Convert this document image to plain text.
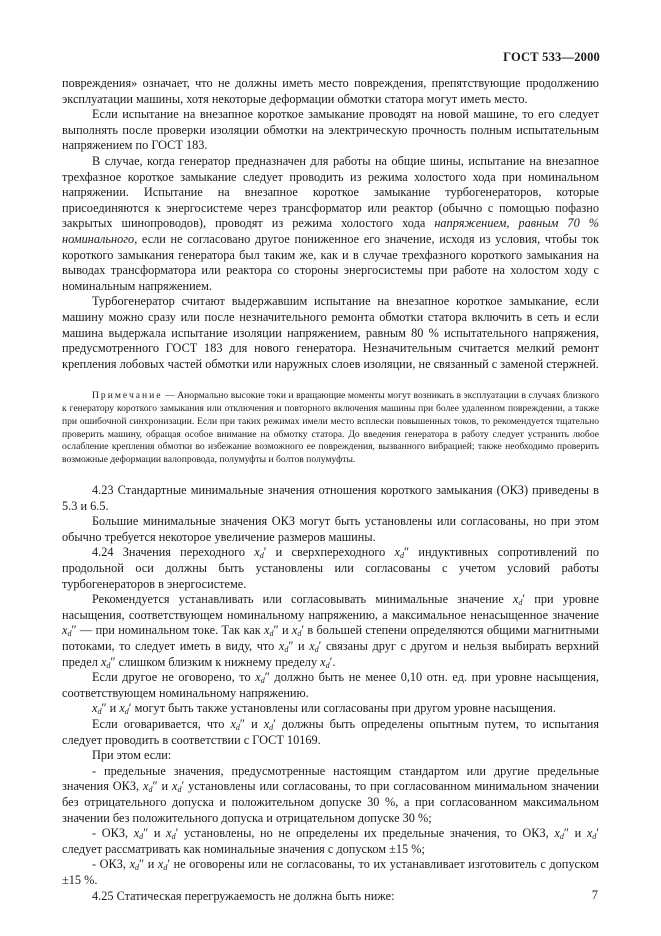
ГОСТ 533—2000

повреждения» означает, что не должны иметь место повреждения, препятствующие продолжению эксплуатации машины, хотя некоторые деформации обмотки статора могут иметь место.

Если испытание на внезапное короткое замыкание проводят на новой машине, то его следует выполнять после проверки изоляции обмотки на электрическую прочность полным испытательным напряжением по ГОСТ 183.

В случае, когда генератор предназначен для работы на общие шины, испытание на внезапное трехфазное короткое замыкание следует проводить из режима холостого хода при номинальном напряжении. Испытание на внезапное короткое замыкание турбогенераторов, которые присоединяются к энергосистеме через трансформатор или реактор (обычно с помощью пофазно закрытых шинопроводов), проводят из режима холостого хода напряжением, равным 70 % номинального, если не согласовано другое пониженное его значение, исходя из условия, чтобы ток короткого замыкания генератора был таким же, как и в случае трехфазного короткого замыкания на выводах трансформатора или реактора со стороны энергосистемы при работе на холостом ходу с номинальным напряжением.

Турбогенератор считают выдержавшим испытание на внезапное короткое замыкание, если машину можно сразу или после незначительного ремонта обмотки статора включить в сеть и если машина выдержала испытание изоляции напряжением, равным 80 % испытательного напряжения, предусмотренного ГОСТ 183 для нового генератора. Незначительным считается мелкий ремонт крепления лобовых частей обмотки или наружных слоев изоляции, не связанный с заменой стержней.

Примечание — Анормально высокие токи и вращающие моменты могут возникать в эксплуатации в случаях близкого к генератору короткого замыкания или отключения и повторного включения машины при более удаленном повреждении, а также при ошибочной синхронизации. Если при таких режимах имели место всплески повышенных токов, то рекомендуется тщательно проверить машину, обращая особое внимание на обмотку статора. До введения генератора в работу следует устранить любое ослабление крепления обмотки во избежание возможного ее повреждения, вызванного вибрацией; также необходимо проверить возможные деформации валопровода, полумуфты и болтов полумуфты.

4.23 Стандартные минимальные значения отношения короткого замыкания (ОКЗ) приведены в 5.3 и 6.5.

Большие минимальные значения ОКЗ могут быть установлены или согласованы, но при этом обычно требуется некоторое увеличение размеров машины.

4.24 Значения переходного $x_d'$ и сверхпереходного $x_d''$ индуктивных сопротивлений по продольной оси должны быть установлены или согласованы с учетом условий работы турбогенераторов в энергосистеме.

Рекомендуется устанавливать или согласовывать минимальные значение $x_d'$ при уровне насыщения, соответствующем номинальному напряжению, а максимальное ненасыщенное значение $x_d''$ — при номинальном токе. Так как $x_d''$ и $x_d'$ в большей степени определяются общими магнитными потоками, то следует иметь в виду, что $x_d''$ и $x_d'$ связаны друг с другом и нельзя выбирать верхний предел $x_d''$ слишком близким к нижнему пределу $x_d'$.

Если другое не оговорено, то $x_d''$ должно быть не менее 0,10 отн. ед. при уровне насыщения, соответствующем номинальному напряжению.

$x_d''$ и $x_d'$ могут быть также установлены или согласованы при другом уровне насыщения.

Если оговаривается, что $x_d''$ и $x_d'$ должны быть определены опытным путем, то испытания следует проводить в соответствии с ГОСТ 10169.

При этом если:

- предельные значения, предусмотренные настоящим стандартом или другие предельные значения ОКЗ, $x_d''$ и $x_d'$ установлены или согласованы, то при согласованном минимальном значении без отрицательного допуска и положительном допуске 30 %, а при согласованном максимальном значении без положительного допуска и отрицательном допуске 30 %;

- ОКЗ, $x_d''$ и $x_d'$ установлены, но не определены их предельные значения, то ОКЗ, $x_d''$ и $x_d'$ следует рассматривать как номинальные значения с допуском ±15 %;

- ОКЗ, $x_d''$ и $x_d'$ не оговорены или не согласованы, то их устанавливает изготовитель с допуском ±15 %.

4.25 Статическая перегружаемость не должна быть ниже:	7
